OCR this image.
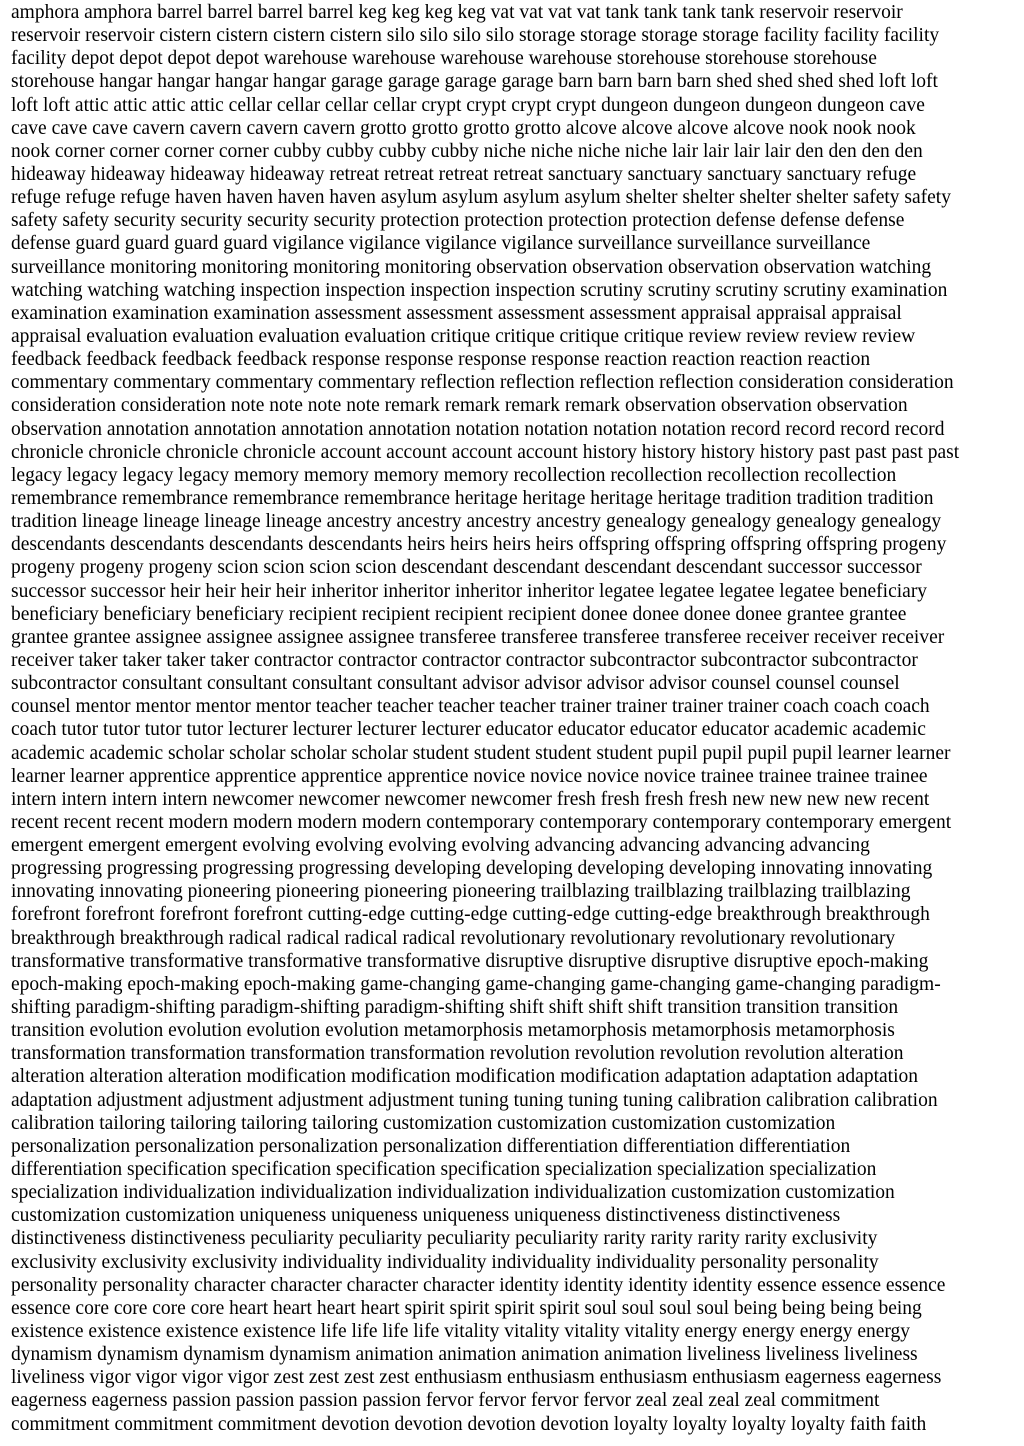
amphora amphora barrel barrel barrel barrel keg keg keg keg vat vat vat vat tank tank tank tank reservoir reservoir
reservoir reservoir cistern cistern cistern cistern silo silo silo silo storage storage storage storage facility facility facility
facility depot depot depot depot warehouse warehouse warehouse warehouse storehouse storehouse storehouse
storehouse hangar hangar hangar hangar garage garage garage garage barn barn barn barn shed shed shed shed loft loft
loft loft attic attic attic attic cellar cellar cellar cellar crypt crypt crypt crypt dungeon dungeon dungeon dungeon cave
cave cave cave cavern cavern cavern cavern grotto grotto grotto grotto alcove alcove alcove alcove nook nook nook
nook corner corner corner corner cubby cubby cubby cubby niche niche niche niche lair lair lair lair den den den den
hideaway hideaway hideaway hideaway retreat retreat retreat retreat sanctuary sanctuary sanctuary sanctuary refuge
refuge refuge refuge haven haven haven haven asylum asylum asylum asylum shelter shelter shelter shelter safety safety
safety safety security security security security protection protection protection protection defense defense defense
defense guard guard guard guard vigilance vigilance vigilance vigilance surveillance surveillance surveillance
surveillance monitoring monitoring monitoring monitoring observation observation observation observation watching
watching watching watching inspection inspection inspection inspection scrutiny scrutiny scrutiny scrutiny examination
examination examination examination assessment assessment assessment assessment appraisal appraisal appraisal
appraisal evaluation evaluation evaluation evaluation critique critique critique critique review review review review
feedback feedback feedback feedback response response response response reaction reaction reaction reaction
commentary commentary commentary commentary reflection reflection reflection reflection consideration consideration
consideration consideration note note note note remark remark remark remark observation observation observation
observation annotation annotation annotation annotation notation notation notation notation record record record record
chronicle chronicle chronicle chronicle account account account account history history history history past past past past
legacy legacy legacy legacy memory memory memory memory recollection recollection recollection recollection
remembrance remembrance remembrance remembrance heritage heritage heritage heritage tradition tradition tradition
tradition lineage lineage lineage lineage ancestry ancestry ancestry ancestry genealogy genealogy genealogy genealogy
descendants descendants descendants descendants heirs heirs heirs heirs offspring offspring offspring offspring progeny
progeny progeny progeny scion scion scion scion descendant descendant descendant descendant successor successor
successor successor heir heir heir heir inheritor inheritor inheritor inheritor legatee legatee legatee legatee beneficiary
beneficiary beneficiary beneficiary recipient recipient recipient recipient donee donee donee donee grantee grantee
grantee grantee assignee assignee assignee assignee transferee transferee transferee transferee receiver receiver receiver
receiver taker taker taker taker contractor contractor contractor contractor subcontractor subcontractor subcontractor
subcontractor consultant consultant consultant consultant advisor advisor advisor advisor counsel counsel counsel
counsel mentor mentor mentor mentor teacher teacher teacher teacher trainer trainer trainer trainer coach coach coach
coach tutor tutor tutor tutor lecturer lecturer lecturer lecturer educator educator educator educator academic academic
academic academic scholar scholar scholar scholar student student student student pupil pupil pupil pupil learner learner
learner learner apprentice apprentice apprentice apprentice novice novice novice novice trainee trainee trainee trainee
intern intern intern intern newcomer newcomer newcomer newcomer fresh fresh fresh fresh new new new new recent
recent recent recent modern modern modern modern contemporary contemporary contemporary contemporary emergent
emergent emergent emergent evolving evolving evolving evolving advancing advancing advancing advancing
progressing progressing progressing progressing developing developing developing developing innovating innovating
innovating innovating pioneering pioneering pioneering pioneering trailblazing trailblazing trailblazing trailblazing
forefront forefront forefront forefront cutting-edge cutting-edge cutting-edge cutting-edge breakthrough breakthrough
breakthrough breakthrough radical radical radical radical revolutionary revolutionary revolutionary revolutionary
transformative transformative transformative transformative disruptive disruptive disruptive disruptive epoch-making
epoch-making epoch-making epoch-making game-changing game-changing game-changing game-changing paradigm-
shifting paradigm-shifting paradigm-shifting paradigm-shifting shift shift shift shift transition transition transition
transition evolution evolution evolution evolution metamorphosis metamorphosis metamorphosis metamorphosis
transformation transformation transformation transformation revolution revolution revolution revolution alteration
alteration alteration alteration modification modification modification modification adaptation adaptation adaptation
adaptation adjustment adjustment adjustment adjustment tuning tuning tuning tuning calibration calibration calibration
calibration tailoring tailoring tailoring tailoring customization customization customization customization
personalization personalization personalization personalization differentiation differentiation differentiation
differentiation specification specification specification specification specialization specialization specialization
specialization individualization individualization individualization individualization customization customization
customization customization uniqueness uniqueness uniqueness uniqueness distinctiveness distinctiveness
distinctiveness distinctiveness peculiarity peculiarity peculiarity peculiarity rarity rarity rarity rarity exclusivity
exclusivity exclusivity exclusivity individuality individuality individuality individuality personality personality
personality personality character character character character identity identity identity identity essence essence essence
essence core core core core heart heart heart heart spirit spirit spirit spirit soul soul soul soul being being being being
existence existence existence existence life life life life vitality vitality vitality vitality energy energy energy energy
dynamism dynamism dynamism dynamism animation animation animation animation liveliness liveliness liveliness
liveliness vigor vigor vigor vigor zest zest zest zest enthusiasm enthusiasm enthusiasm enthusiasm eagerness eagerness
eagerness eagerness passion passion passion passion fervor fervor fervor fervor zeal zeal zeal zeal commitment
commitment commitment commitment devotion devotion devotion devotion loyalty loyalty loyalty loyalty faith faith
